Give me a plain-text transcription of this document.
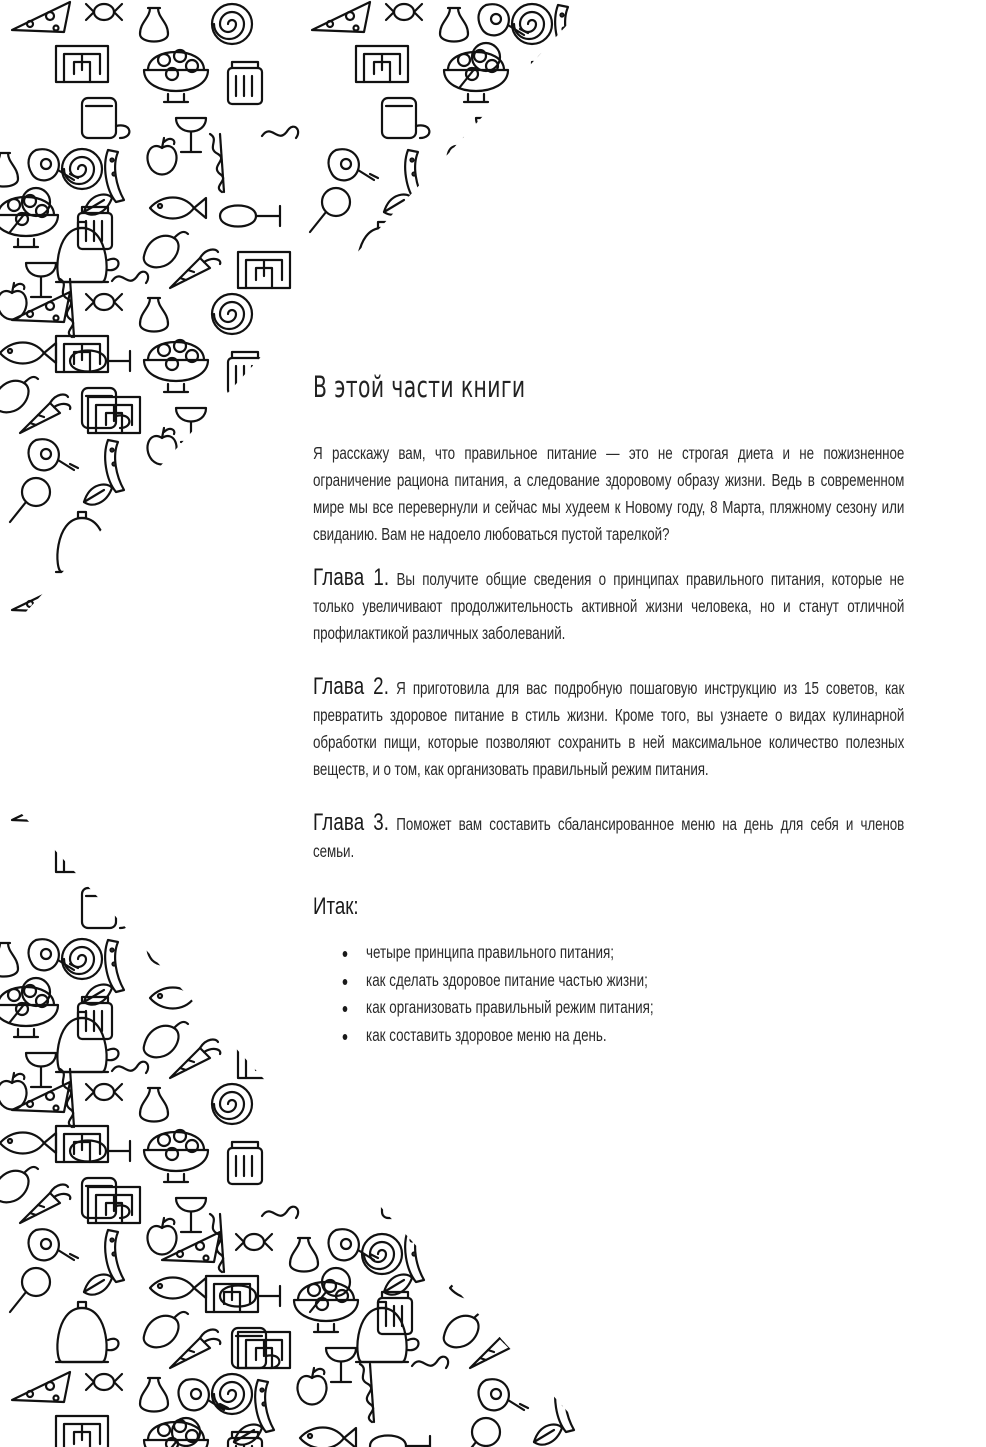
В этой части книги

Я расскажу вам, что правильное питание — это не строгая диета и не пожизненное ограничение рациона питания, а следование здоровому образу жизни. Ведь в современном мире мы все перевернули и сейчас мы худеем к Новому году, 8 Марта, пляжному сезону или свиданию. Вам не надоело любоваться пустой тарелкой?

Глава 1. Вы получите общие сведения о принципах правильного питания, которые не только увеличивают продолжительность активной жизни человека, но и станут отличной профилактикой различных заболеваний.

Глава 2. Я приготовила для вас подробную пошаговую инструкцию из 15 советов, как превратить здоровое питание в стиль жизни. Кроме того, вы узнаете о видах кулинарной обработки пищи, которые позволяют сохранить в ней максимальное количество полезных веществ, и о том, как организовать правильный режим питания.

Глава 3. Поможет вам составить сбалансированное меню на день для себя и членов семьи.

Итак:
четыре принципа правильного питания;
как сделать здоровое питание частью жизни;
как организовать правильный режим питания;
как составить здоровое меню на день.
